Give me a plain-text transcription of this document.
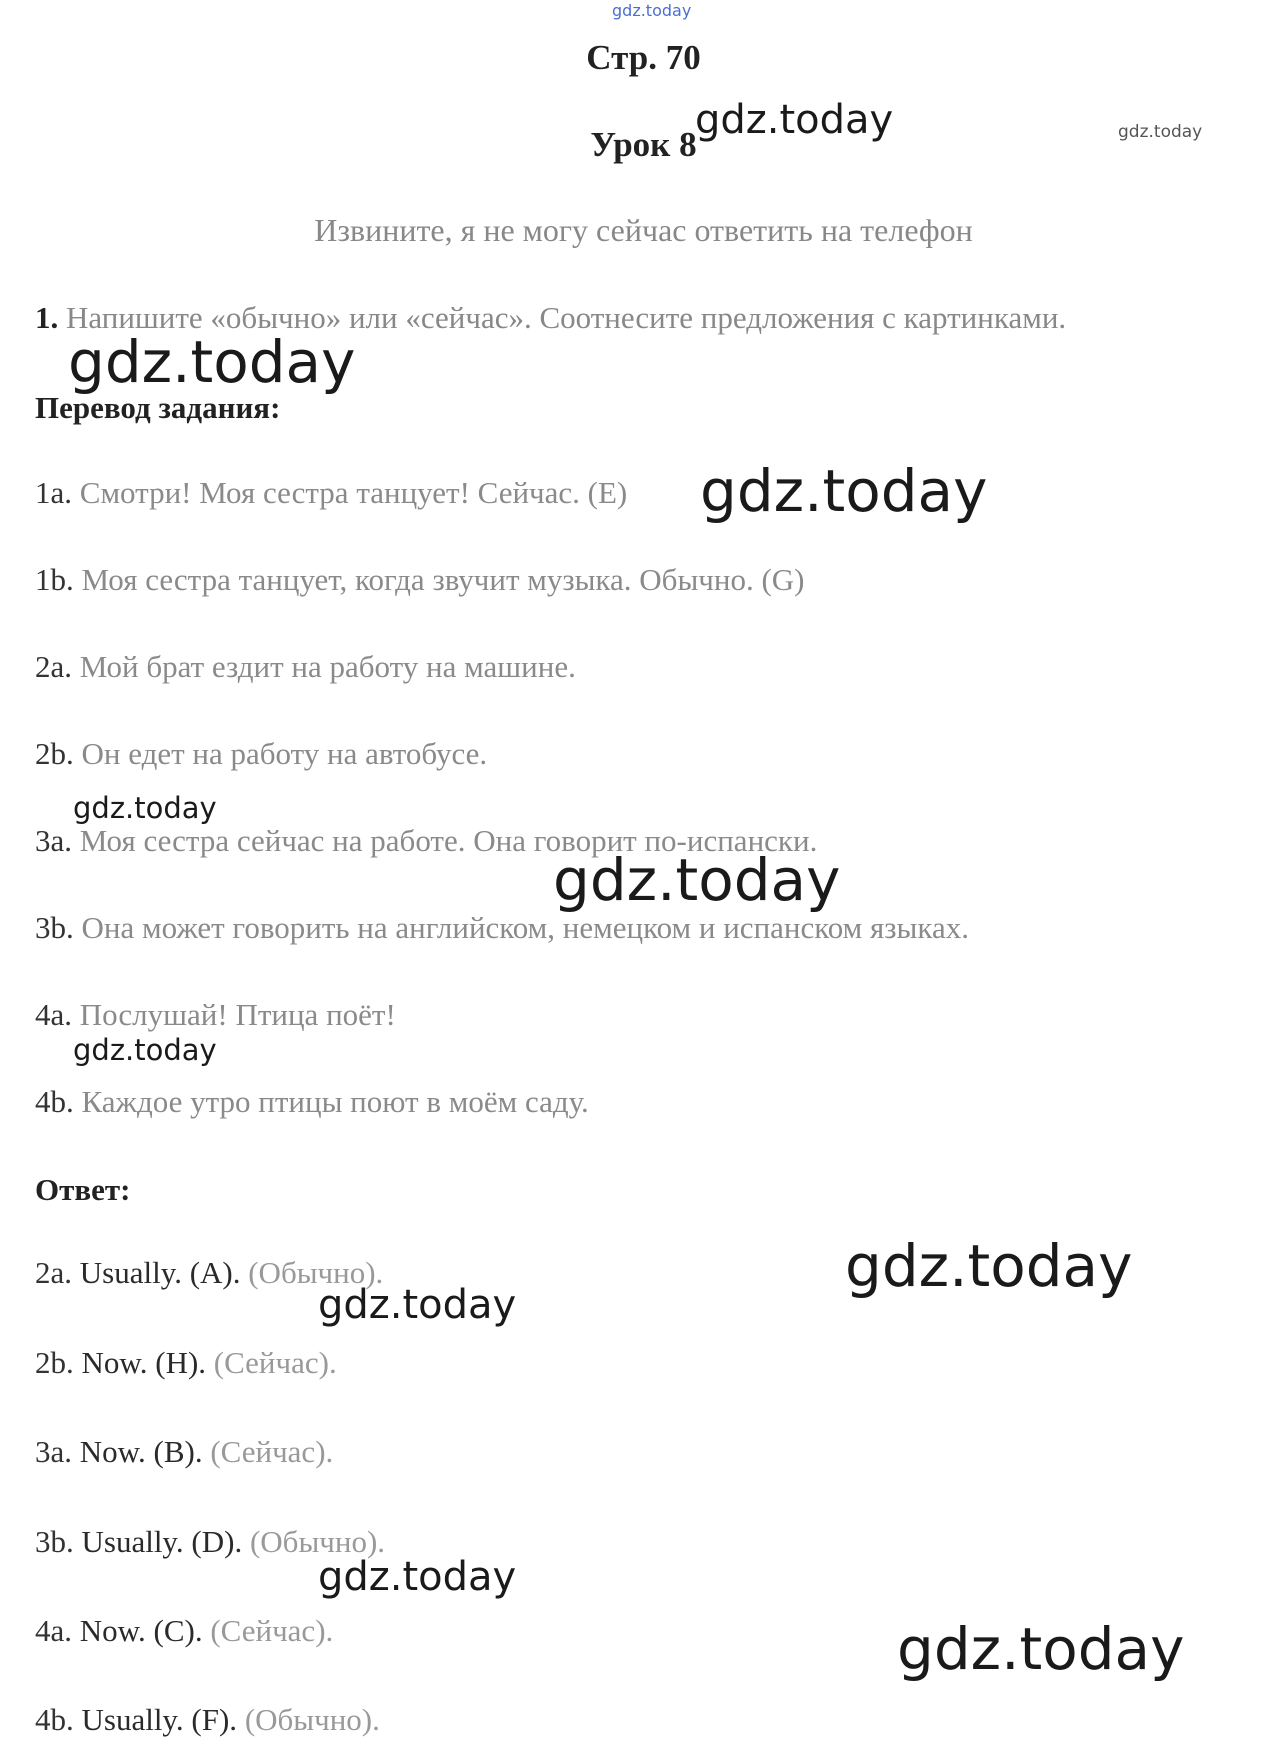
Стр. 70
Урок 8
Извините, я не могу сейчас ответить на телефон
1. Напишите «обычно» или «сейчас». Соотнесите предложения с картинками.
Перевод задания:
1a. Смотри! Моя сестра танцует! Сейчас. (E)
1b. Моя сестра танцует, когда звучит музыка. Обычно. (G)
2a. Мой брат ездит на работу на машине.
2b. Он едет на работу на автобусе.
3a. Моя сестра сейчас на работе. Она говорит по-испански.
3b. Она может говорить на английском, немецком и испанском языках.
4a. Послушай! Птица поёт!
4b. Каждое утро птицы поют в моём саду.
Ответ:
2a. Usually. (A). (Обычно).
2b. Now. (H). (Сейчас).
3a. Now. (B). (Сейчас).
3b. Usually. (D). (Обычно).
4a. Now. (C). (Сейчас).
4b. Usually. (F). (Обычно).
gdz.today
gdz.today	gdz.today
gdz.today
gdz.today
gdz.today
gdz.today
gdz.today
gdz.today
gdz.today
gdz.today
gdz.today
